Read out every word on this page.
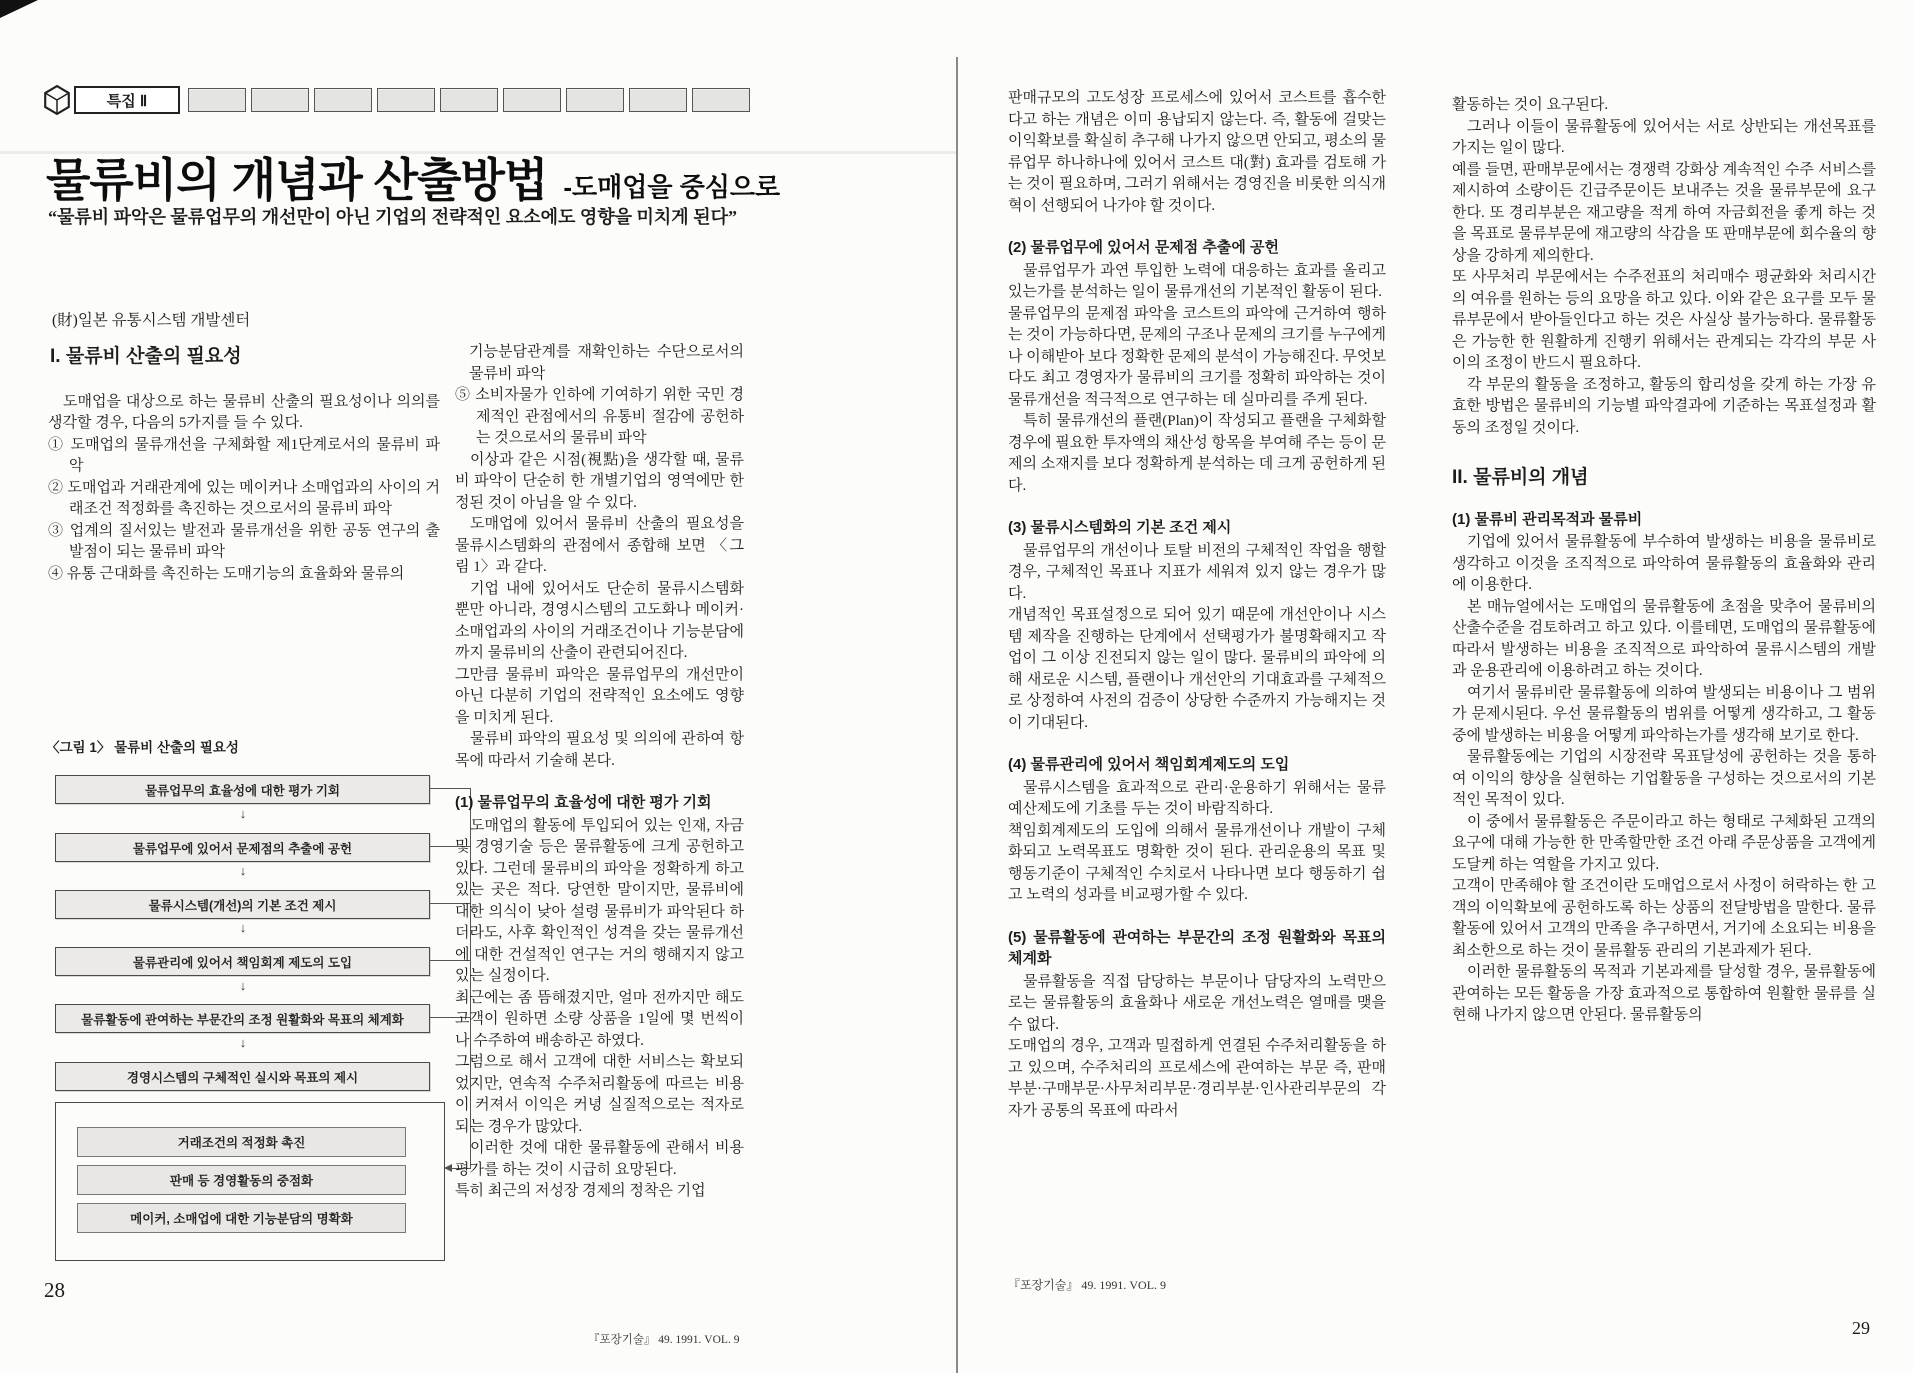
특집 Ⅱ
물류비의 개념과 산출방법 -도매업을 중심으로
“물류비 파악은 물류업무의 개선만이 아닌 기업의 전략적인 요소에도 영향을 미치게 된다”
(財)일본 유통시스템 개발센터
I. 물류비 산출의 필요성
도매업을 대상으로 하는 물류비 산출의 필요성이나 의의를 생각할 경우, 다음의 5가지를 들 수 있다.
① 도매업의 물류개선을 구체화할 제1단계로서의 물류비 파악
② 도매업과 거래관계에 있는 메이커나 소매업과의 사이의 거래조건 적정화를 촉진하는 것으로서의 물류비 파악
③ 업계의 질서있는 발전과 물류개선을 위한 공동 연구의 출발점이 되는 물류비 파악
④ 유통 근대화를 촉진하는 도매기능의 효율화와 물류의
〈그림 1〉 물류비 산출의 필요성
물류업무의 효율성에 대한 평가 기회
↓
물류업무에 있어서 문제점의 추출에 공헌
↓
물류시스템(개선)의 기본 조건 제시
↓
물류관리에 있어서 책임회계 제도의 도입
↓
물류활동에 관여하는 부문간의 조정 원활화와 목표의 체계화
↓
경영시스템의 구체적인 실시와 목표의 제시
거래조건의 적정화 촉진
판매 등 경영활동의 중점화
메이커, 소매업에 대한 기능분담의 명확화
기능분담관계를 재확인하는 수단으로서의 물류비 파악
⑤ 소비자물가 인하에 기여하기 위한 국민 경제적인 관점에서의 유통비 절감에 공헌하는 것으로서의 물류비 파악
이상과 같은 시점(視點)을 생각할 때, 물류비 파악이 단순히 한 개별기업의 영역에만 한정된 것이 아님을 알 수 있다.
도매업에 있어서 물류비 산출의 필요성을 물류시스템화의 관점에서 종합해 보면 〈그림 1〉과 같다.
기업 내에 있어서도 단순히 물류시스템화뿐만 아니라, 경영시스템의 고도화나 메이커·소매업과의 사이의 거래조건이나 기능분담에까지 물류비의 산출이 관련되어진다.
그만큼 물류비 파악은 물류업무의 개선만이 아닌 다분히 기업의 전략적인 요소에도 영향을 미치게 된다.
물류비 파악의 필요성 및 의의에 관하여 항목에 따라서 기술해 본다.
(1) 물류업무의 효율성에 대한 평가 기회
도매업의 활동에 투입되어 있는 인재, 자금 및 경영기술 등은 물류활동에 크게 공헌하고 있다. 그런데 물류비의 파악을 정확하게 하고 있는 곳은 적다. 당연한 말이지만, 물류비에 대한 의식이 낮아 설령 물류비가 파악된다 하더라도, 사후 확인적인 성격을 갖는 물류개선에 대한 건설적인 연구는 거의 행해지지 않고 있는 실정이다.
최근에는 좀 뜸해졌지만, 얼마 전까지만 해도 고객이 원하면 소량 상품을 1일에 몇 번씩이나 수주하여 배송하곤 하였다.
그럼으로 해서 고객에 대한 서비스는 확보되었지만, 연속적 수주처리활동에 따르는 비용이 커져서 이익은 커녕 실질적으로는 적자로 되는 경우가 많았다.
이러한 것에 대한 물류활동에 관해서 비용평가를 하는 것이 시급히 요망된다.
특히 최근의 저성장 경제의 정착은 기업
28
『포장기술』 49. 1991. VOL. 9
판매규모의 고도성장 프로세스에 있어서 코스트를 흡수한다고 하는 개념은 이미 용납되지 않는다. 즉, 활동에 걸맞는 이익확보를 확실히 추구해 나가지 않으면 안되고, 평소의 물류업무 하나하나에 있어서 코스트 대(對) 효과를 검토해 가는 것이 필요하며, 그러기 위해서는 경영진을 비롯한 의식개혁이 선행되어 나가야 할 것이다.
(2) 물류업무에 있어서 문제점 추출에 공헌
물류업무가 과연 투입한 노력에 대응하는 효과를 올리고 있는가를 분석하는 일이 물류개선의 기본적인 활동이 된다.
물류업무의 문제점 파악을 코스트의 파악에 근거하여 행하는 것이 가능하다면, 문제의 구조나 문제의 크기를 누구에게나 이해받아 보다 정확한 문제의 분석이 가능해진다. 무엇보다도 최고 경영자가 물류비의 크기를 정확히 파악하는 것이 물류개선을 적극적으로 연구하는 데 실마리를 주게 된다.
특히 물류개선의 플랜(Plan)이 작성되고 플랜을 구체화할 경우에 필요한 투자액의 채산성 항목을 부여해 주는 등이 문제의 소재지를 보다 정확하게 분석하는 데 크게 공헌하게 된다.
(3) 물류시스템화의 기본 조건 제시
물류업무의 개선이나 토탈 비전의 구체적인 작업을 행할 경우, 구체적인 목표나 지표가 세워져 있지 않는 경우가 많다.
개념적인 목표설정으로 되어 있기 때문에 개선안이나 시스템 제작을 진행하는 단계에서 선택평가가 불명확해지고 작업이 그 이상 진전되지 않는 일이 많다. 물류비의 파악에 의해 새로운 시스템, 플랜이나 개선안의 기대효과를 구체적으로 상정하여 사전의 검증이 상당한 수준까지 가능해지는 것이 기대된다.
(4) 물류관리에 있어서 책임회계제도의 도입
물류시스템을 효과적으로 관리·운용하기 위해서는 물류예산제도에 기초를 두는 것이 바람직하다.
책임회계제도의 도입에 의해서 물류개선이나 개발이 구체화되고 노력목표도 명확한 것이 된다. 관리운용의 목표 및 행동기준이 구체적인 수치로서 나타나면 보다 행동하기 쉽고 노력의 성과를 비교평가할 수 있다.
(5) 물류활동에 관여하는 부문간의 조정 원활화와 목표의 체계화
물류활동을 직접 담당하는 부문이나 담당자의 노력만으로는 물류활동의 효율화나 새로운 개선노력은 열매를 맺을 수 없다.
도매업의 경우, 고객과 밀접하게 연결된 수주처리활동을 하고 있으며, 수주처리의 프로세스에 관여하는 부문 즉, 판매부분·구매부문·사무처리부문·경리부분·인사관리부문의 각자가 공통의 목표에 따라서
활동하는 것이 요구된다.
그러나 이들이 물류활동에 있어서는 서로 상반되는 개선목표를 가지는 일이 많다.
예를 들면, 판매부문에서는 경쟁력 강화상 계속적인 수주 서비스를 제시하여 소량이든 긴급주문이든 보내주는 것을 물류부문에 요구한다. 또 경리부분은 재고량을 적게 하여 자금회전을 좋게 하는 것을 목표로 물류부문에 재고량의 삭감을 또 판매부문에 회수율의 향상을 강하게 제의한다.
또 사무처리 부문에서는 수주전표의 처리매수 평균화와 처리시간의 여유를 원하는 등의 요망을 하고 있다. 이와 같은 요구를 모두 물류부문에서 받아들인다고 하는 것은 사실상 불가능하다. 물류활동은 가능한 한 원활하게 진행키 위해서는 관계되는 각각의 부문 사이의 조정이 반드시 필요하다.
각 부문의 활동을 조정하고, 활동의 합리성을 갖게 하는 가장 유효한 방법은 물류비의 기능별 파악결과에 기준하는 목표설정과 활동의 조정일 것이다.
II. 물류비의 개념
(1) 물류비 관리목적과 물류비
기업에 있어서 물류활동에 부수하여 발생하는 비용을 물류비로 생각하고 이것을 조직적으로 파악하여 물류활동의 효율화와 관리에 이용한다.
본 매뉴얼에서는 도매업의 물류활동에 초점을 맞추어 물류비의 산출수준을 검토하려고 하고 있다. 이를테면, 도매업의 물류활동에 따라서 발생하는 비용을 조직적으로 파악하여 물류시스템의 개발과 운용관리에 이용하려고 하는 것이다.
여기서 물류비란 물류활동에 의하여 발생되는 비용이나 그 범위가 문제시된다. 우선 물류활동의 범위를 어떻게 생각하고, 그 활동중에 발생하는 비용을 어떻게 파악하는가를 생각해 보기로 한다.
물류활동에는 기업의 시장전략 목표달성에 공헌하는 것을 통하여 이익의 향상을 실현하는 기업활동을 구성하는 것으로서의 기본적인 목적이 있다.
이 중에서 물류활동은 주문이라고 하는 형태로 구체화된 고객의 요구에 대해 가능한 한 만족할만한 조건 아래 주문상품을 고객에게 도달케 하는 역할을 가지고 있다.
고객이 만족해야 할 조건이란 도매업으로서 사정이 허락하는 한 고객의 이익확보에 공헌하도록 하는 상품의 전달방법을 말한다. 물류활동에 있어서 고객의 만족을 추구하면서, 거기에 소요되는 비용을 최소한으로 하는 것이 물류활동 관리의 기본과제가 된다.
이러한 물류활동의 목적과 기본과제를 달성할 경우, 물류활동에 관여하는 모든 활동을 가장 효과적으로 통합하여 원활한 물류를 실현해 나가지 않으면 안된다. 물류활동의
『포장기술』 49. 1991. VOL. 9
29
